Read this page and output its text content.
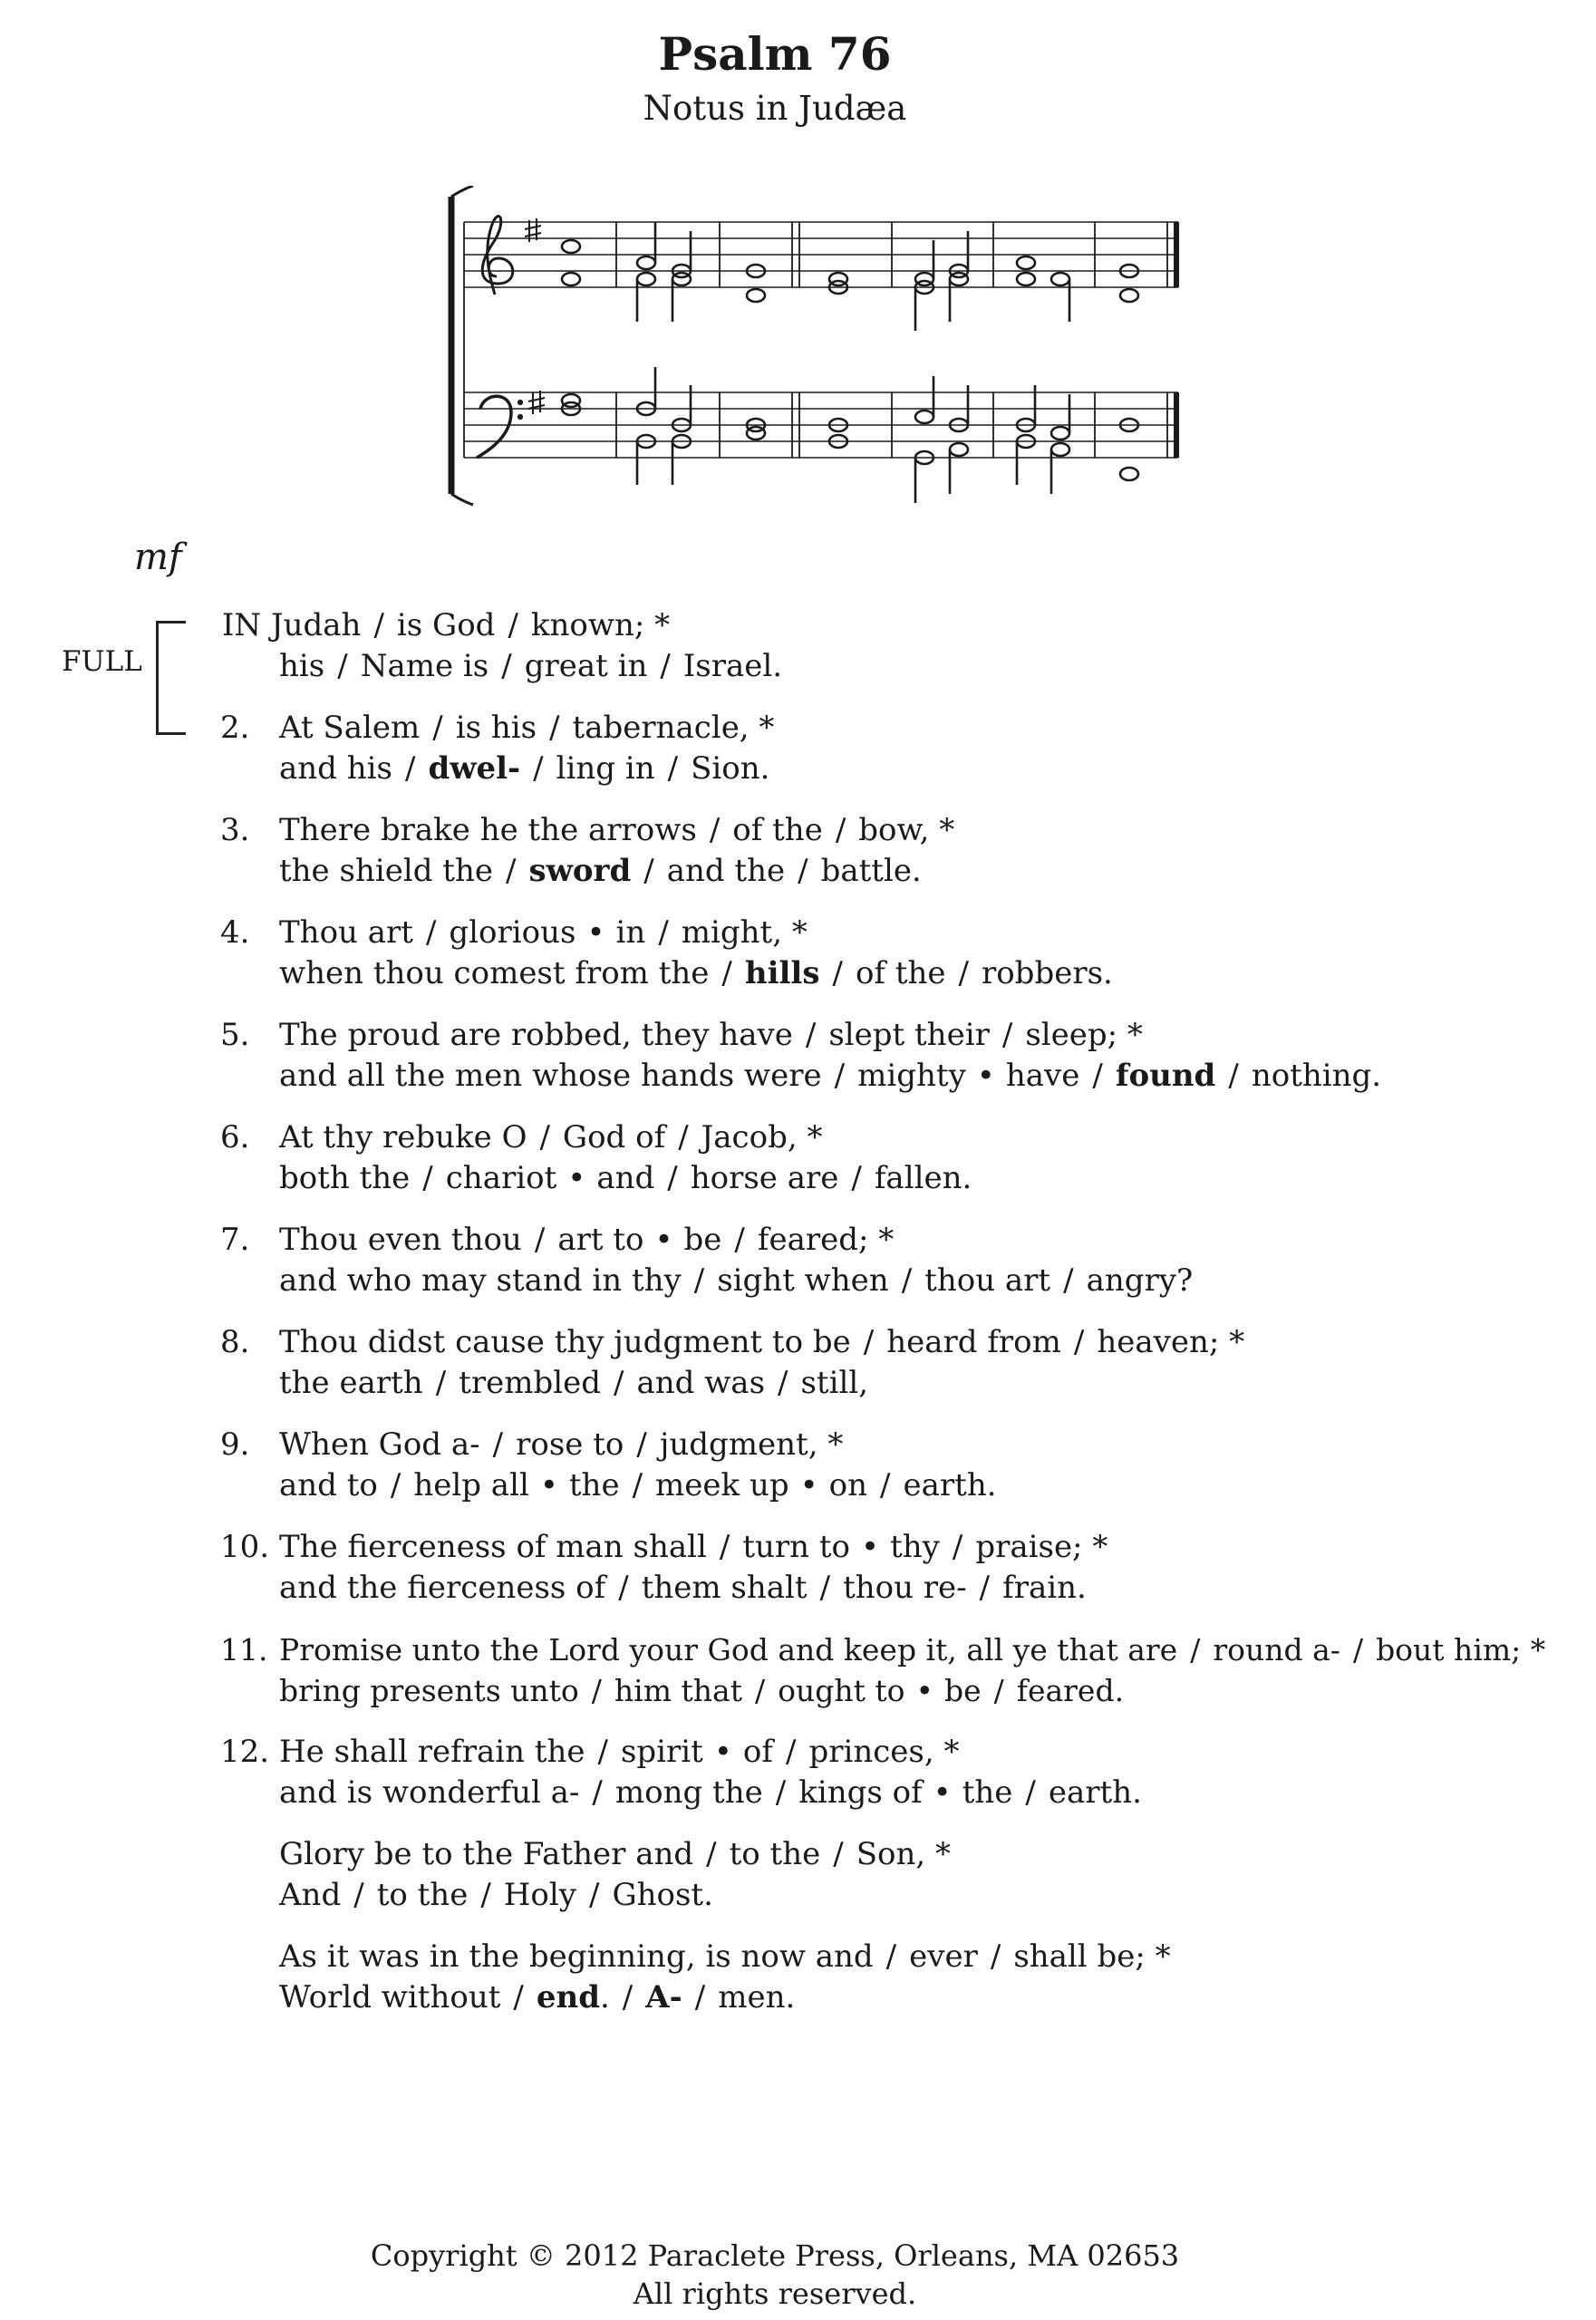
Psalm 76
Notus in Judæa
mf
FULL
IN Judah / is God / known; *
his / Name is / great in / Israel.
2. At Salem / is his / tabernacle, *
and his / dwel- / ling in / Sion.
3. There brake he the arrows / of the / bow, *
the shield the / sword / and the / battle.
4. Thou art / glorious • in / might, *
when thou comest from the / hills / of the / robbers.
5. The proud are robbed, they have / slept their / sleep; *
and all the men whose hands were / mighty • have / found / nothing.
6. At thy rebuke O / God of / Jacob, *
both the / chariot • and / horse are / fallen.
7. Thou even thou / art to • be / feared; *
and who may stand in thy / sight when / thou art / angry?
8. Thou didst cause thy judgment to be / heard from / heaven; *
the earth / trembled / and was / still,
9. When God a- / rose to / judgment, *
and to / help all • the / meek up • on / earth.
10. The fierceness of man shall / turn to • thy / praise; *
and the fierceness of / them shalt / thou re- / frain.
11. Promise unto the Lord your God and keep it, all ye that are / round a- / bout him; *
bring presents unto / him that / ought to • be / feared.
12. He shall refrain the / spirit • of / princes, *
and is wonderful a- / mong the / kings of • the / earth.
Glory be to the Father and / to the / Son, *
And / to the / Holy / Ghost.
As it was in the beginning, is now and / ever / shall be; *
World without / end. / A- / men.
Copyright © 2012 Paraclete Press, Orleans, MA 02653
All rights reserved.
